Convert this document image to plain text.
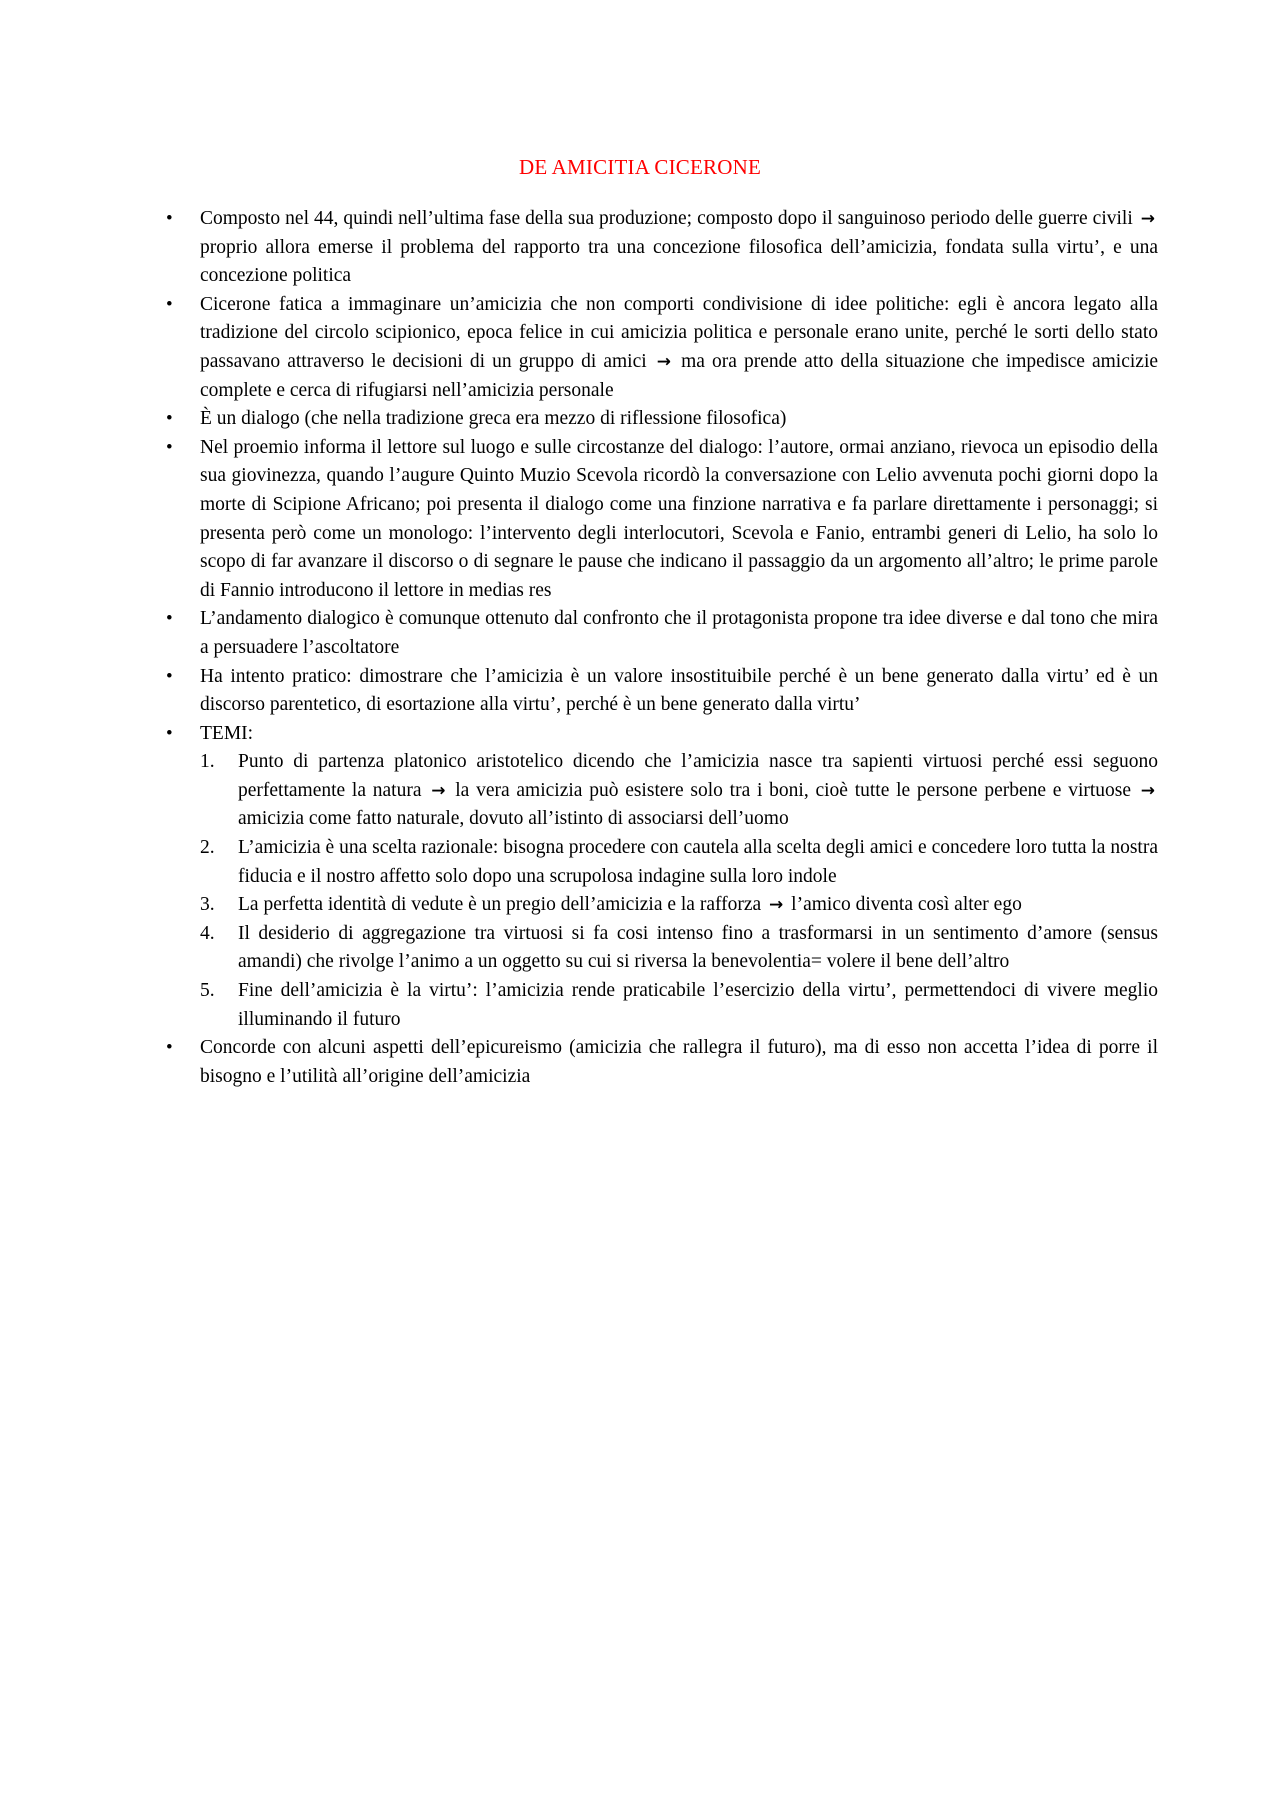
DE AMICITIA CICERONE
• Composto nel 44, quindi nell’ultima fase della sua produzione; composto dopo il sanguinoso periodo delle guerre civili → proprio allora emerse il problema del rapporto tra una concezione filosofica dell’amicizia, fondata sulla virtu’, e una concezione politica
• Cicerone fatica a immaginare un’amicizia che non comporti condivisione di idee politiche: egli è ancora legato alla tradizione del circolo scipionico, epoca felice in cui amicizia politica e personale erano unite, perché le sorti dello stato passavano attraverso le decisioni di un gruppo di amici → ma ora prende atto della situazione che impedisce amicizie complete e cerca di rifugiarsi nell’amicizia personale
• È un dialogo (che nella tradizione greca era mezzo di riflessione filosofica)
• Nel proemio informa il lettore sul luogo e sulle circostanze del dialogo: l’autore, ormai anziano, rievoca un episodio della sua giovinezza, quando l’augure Quinto Muzio Scevola ricordò la conversazione con Lelio avvenuta pochi giorni dopo la morte di Scipione Africano; poi presenta il dialogo come una finzione narrativa e fa parlare direttamente i personaggi; si presenta però come un monologo: l’intervento degli interlocutori, Scevola e Fanio, entrambi generi di Lelio, ha solo lo scopo di far avanzare il discorso o di segnare le pause che indicano il passaggio da un argomento all’altro; le prime parole di Fannio introducono il lettore in medias res
• L’andamento dialogico è comunque ottenuto dal confronto che il protagonista propone tra idee diverse e dal tono che mira a persuadere l’ascoltatore
• Ha intento pratico: dimostrare che l’amicizia è un valore insostituibile perché è un bene generato dalla virtu’ ed è un discorso parentetico, di esortazione alla virtu’, perché è un bene generato dalla virtu’
• TEMI:
1. Punto di partenza platonico aristotelico dicendo che l’amicizia nasce tra sapienti virtuosi perché essi seguono perfettamente la natura → la vera amicizia può esistere solo tra i boni, cioè tutte le persone perbene e virtuose → amicizia come fatto naturale, dovuto all’istinto di associarsi dell’uomo
2. L’amicizia è una scelta razionale: bisogna procedere con cautela alla scelta degli amici e concedere loro tutta la nostra fiducia e il nostro affetto solo dopo una scrupolosa indagine sulla loro indole
3. La perfetta identità di vedute è un pregio dell’amicizia e la rafforza → l’amico diventa così alter ego
4. Il desiderio di aggregazione tra virtuosi si fa cosi intenso fino a trasformarsi in un sentimento d’amore (sensus amandi) che rivolge l’animo a un oggetto su cui si riversa la benevolentia= volere il bene dell’altro
5. Fine dell’amicizia è la virtu’: l’amicizia rende praticabile l’esercizio della virtu’, permettendoci di vivere meglio illuminando il futuro
• Concorde con alcuni aspetti dell’epicureismo (amicizia che rallegra il futuro), ma di esso non accetta l’idea di porre il bisogno e l’utilità all’origine dell’amicizia
